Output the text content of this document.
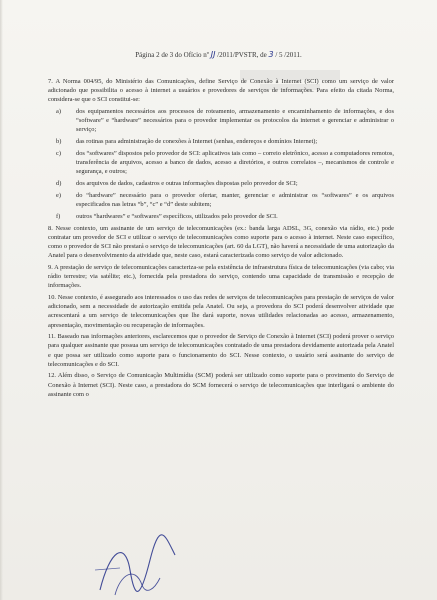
Página 2 de 3 do Ofício nº JJ /2011/PVSTR, de 3 / 5 /2011.

7. A Norma 004/95, do Ministério das Comunicações, define Serviço de Conexão à Internet (SCI) como um serviço de valor adicionado que possibilita o acesso à internet a usuários e provedores de serviços de informações. Para efeito da citada Norma, considera-se que o SCI constitui-se:

a)	dos equipamentos necessários aos processos de roteamento, armazenamento e encaminhamento de informações, e dos “software” e “hardware” necessários para o provedor implementar os protocolos da internet e gerenciar e administrar o serviço;
b)	das rotinas para administração de conexões à Internet (senhas, endereços e domínios Internet);
c)	dos “softwares” dispostos pelo provedor de SCI: aplicativos tais como – correio eletrônico, acesso a computadores remotos, transferência de arquivos, acesso a banco de dados, acesso a diretórios, e outros correlatos –, mecanismos de controle e segurança, e outros;
d)	dos arquivos de dados, cadastros e outras informações dispostas pelo provedor de SCI;
e)	do “hardware” necessário para o provedor ofertar, manter, gerenciar e administrar os “softwares” e os arquivos especificados nas letras “b”, “c” e “d” deste subitem;
f)	outros “hardwares” e “softwares” específicos, utilizados pelo provedor de SCI.

8. Nesse contexto, um assinante de um serviço de telecomunicações (ex.: banda larga ADSL, 3G, conexão via rádio, etc.) pode contratar um provedor de SCI e utilizar o serviço de telecomunicações como suporte para o acesso à internet. Neste caso específico, como o provedor de SCI não prestará o serviço de telecomunicações (art. 60 da LGT), não haverá a necessidade de uma autorização da Anatel para o desenvolvimento da atividade que, neste caso, estará caracterizada como serviço de valor adicionado.

9. A prestação de serviço de telecomunicações caracteriza-se pela existência de infraestrutura física de telecomunicações (via cabo; via rádio terrestre; via satélite; etc.), fornecida pela prestadora do serviço, contendo uma capacidade de transmissão e recepção de informações.

10. Nesse contexto, é assegurado aos interessados o uso das redes de serviços de telecomunicações para prestação de serviços de valor adicionado, sem a necessidade de autorização emitida pela Anatel. Ou seja, a provedora do SCI poderá desenvolver atividade que acrescentará a um serviço de telecomunicações que lhe dará suporte, novas utilidades relacionadas ao acesso, armazenamento, apresentação, movimentação ou recuperação de informações.

11. Baseado nas informações anteriores, esclarecemos que o provedor de Serviço de Conexão à Internet (SCI) poderá prover o serviço para qualquer assinante que possua um serviço de telecomunicações contratado de uma prestadora devidamente autorizada pela Anatel e que possa ser utilizado como suporte para o funcionamento do SCI. Nesse contexto, o usuário será assinante do serviço de telecomunicações e do SCI.

12. Além disso, o Serviço de Comunicação Multimídia (SCM) poderá ser utilizado como suporte para o provimento do Serviço de Conexão à Internet (SCI). Neste caso, a prestadora do SCM fornecerá o serviço de telecomunicações que interligará o ambiente do assinante com o
